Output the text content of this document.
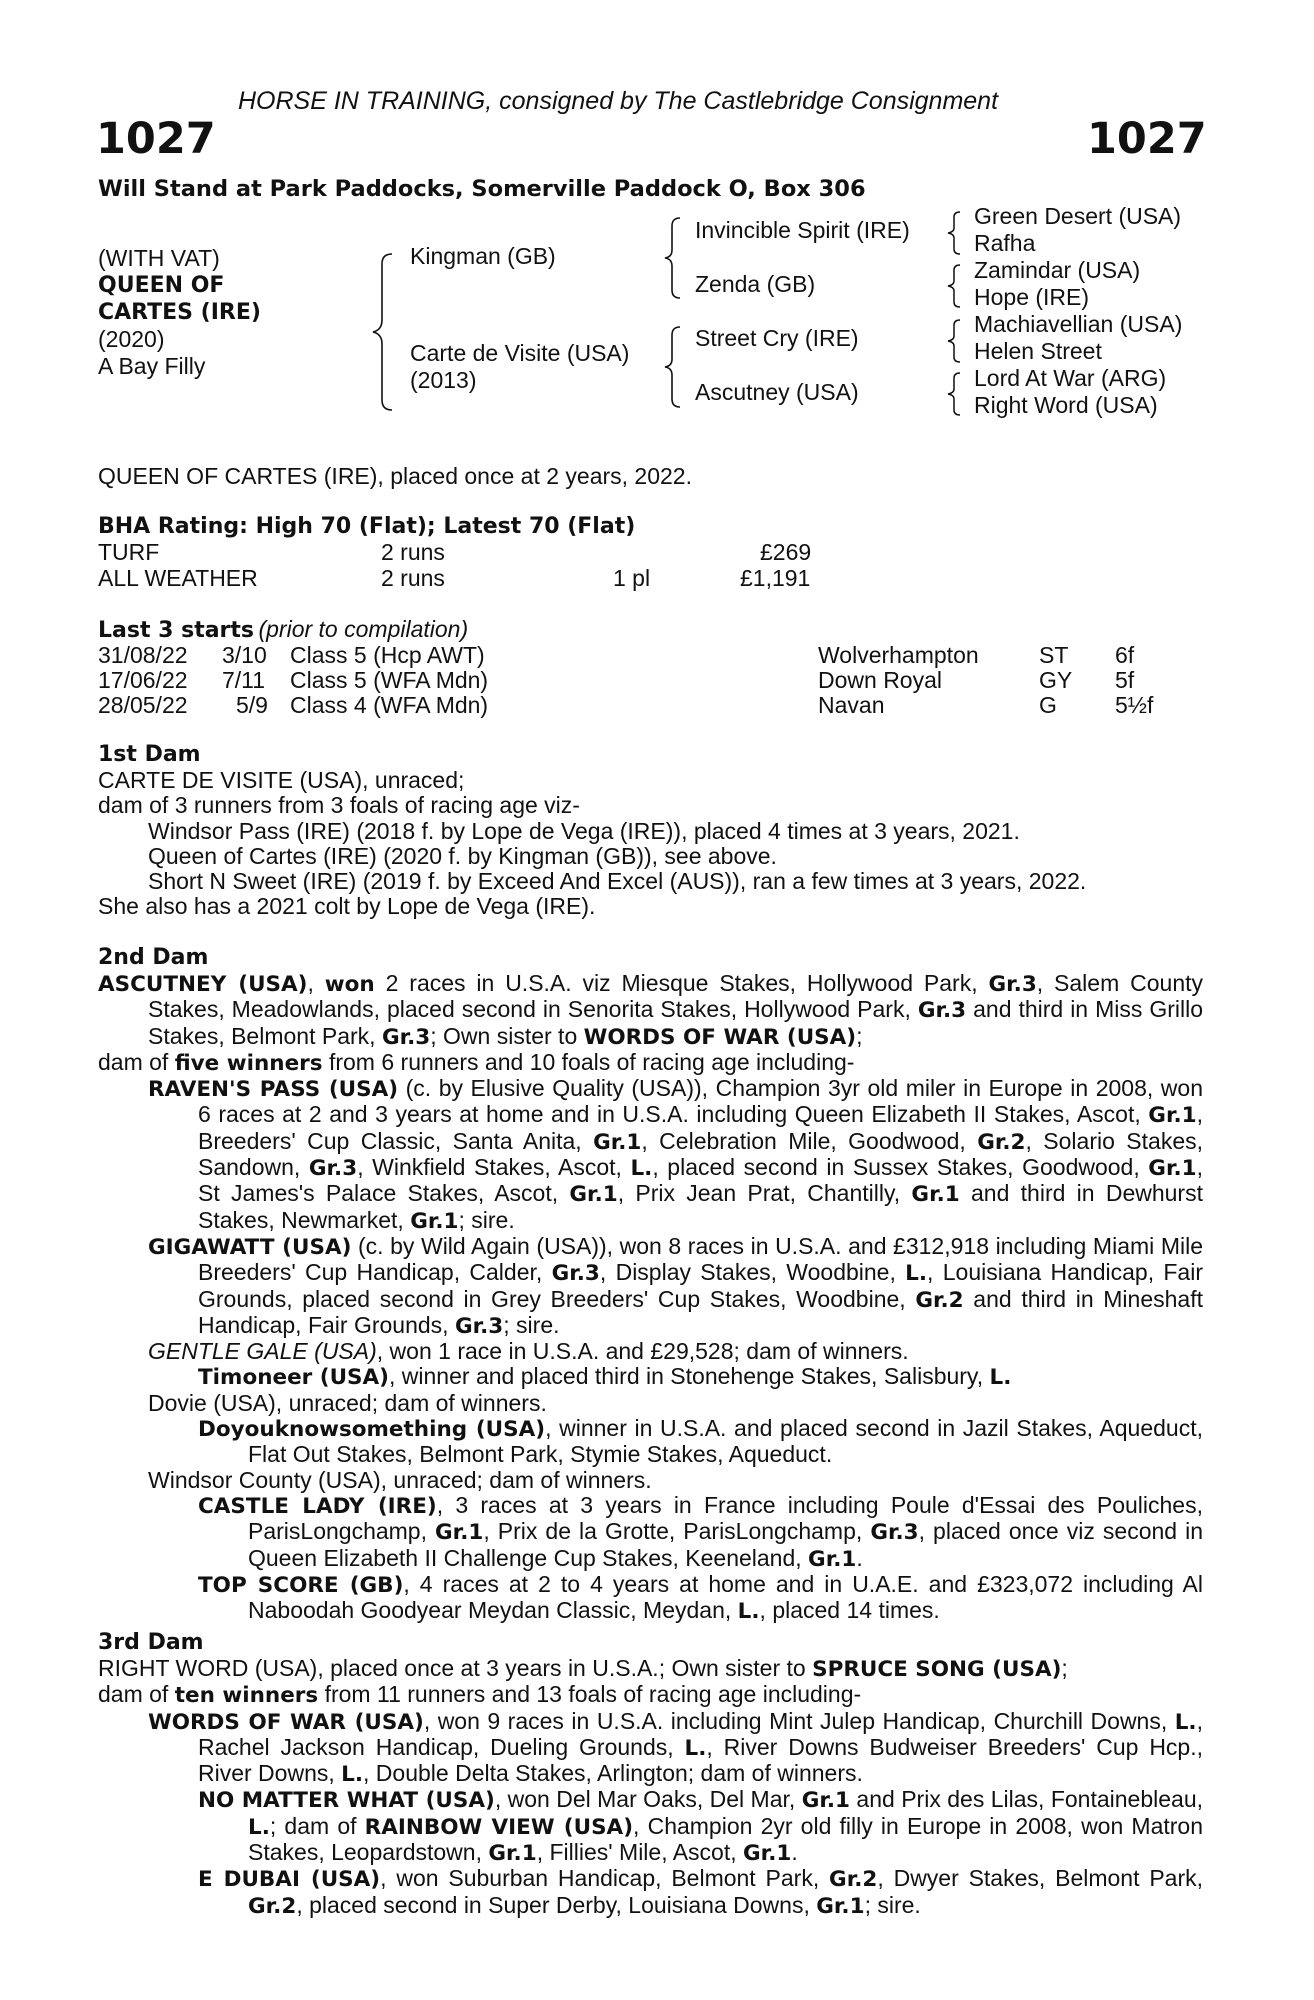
HORSE IN TRAINING, consigned by The Castlebridge Consignment
1027	1027
Will Stand at Park Paddocks, Somerville Paddock O, Box 306
(WITH VAT)
QUEEN OF
CARTES (IRE)
(2020)
A Bay Filly
Kingman (GB)
Carte de Visite (USA)
(2013)
Invincible Spirit (IRE)
Zenda (GB)
Street Cry (IRE)
Ascutney (USA)
Green Desert (USA)
Rafha
Zamindar (USA)
Hope (IRE)
Machiavellian (USA)
Helen Street
Lord At War (ARG)
Right Word (USA)
QUEEN OF CARTES (IRE), placed once at 2 years, 2022.
BHA Rating: High 70 (Flat); Latest 70 (Flat)
TURF	2 runs	£269
ALL WEATHER	2 runs	1 pl	£1,191
Last 3 starts (prior to compilation)
31/08/22 3/10 Class 5 (Hcp AWT)	Wolverhampton	ST 6f
17/06/22 7/11 Class 5 (WFA Mdn)	Down Royal	GY 5f
28/05/22 5/9 Class 4 (WFA Mdn)	Navan	G	5½f

1st Dam

CARTE DE VISITE (USA), unraced;

dam of 3 runners from 3 foals of racing age viz-

Windsor Pass (IRE) (2018 f. by Lope de Vega (IRE)), placed 4 times at 3 years, 2021.

Queen of Cartes (IRE) (2020 f. by Kingman (GB)), see above.

Short N Sweet (IRE) (2019 f. by Exceed And Excel (AUS)), ran a few times at 3 years, 2022.

She also has a 2021 colt by Lope de Vega (IRE).

2nd Dam

ASCUTNEY (USA), won 2 races in U.S.A. viz Miesque Stakes, Hollywood Park, Gr.3, Salem County Stakes, Meadowlands, placed second in Senorita Stakes, Hollywood Park, Gr.3 and third in Miss Grillo Stakes, Belmont Park, Gr.3; Own sister to WORDS OF WAR (USA);

dam of five winners from 6 runners and 10 foals of racing age including-

RAVEN'S PASS (USA) (c. by Elusive Quality (USA)), Champion 3yr old miler in Europe in 2008, won 6 races at 2 and 3 years at home and in U.S.A. including Queen Elizabeth II Stakes, Ascot, Gr.1, Breeders' Cup Classic, Santa Anita, Gr.1, Celebration Mile, Goodwood, Gr.2, Solario Stakes, Sandown, Gr.3, Winkfield Stakes, Ascot, L., placed second in Sussex Stakes, Goodwood, Gr.1, St James's Palace Stakes, Ascot, Gr.1, Prix Jean Prat, Chantilly, Gr.1 and third in Dewhurst Stakes, Newmarket, Gr.1; sire.

GIGAWATT (USA) (c. by Wild Again (USA)), won 8 races in U.S.A. and £312,918 including Miami Mile Breeders' Cup Handicap, Calder, Gr.3, Display Stakes, Woodbine, L., Louisiana Handicap, Fair Grounds, placed second in Grey Breeders' Cup Stakes, Woodbine, Gr.2 and third in Mineshaft Handicap, Fair Grounds, Gr.3; sire.

GENTLE GALE (USA), won 1 race in U.S.A. and £29,528; dam of winners.

Timoneer (USA), winner and placed third in Stonehenge Stakes, Salisbury, L.

Dovie (USA), unraced; dam of winners.

Doyouknowsomething (USA), winner in U.S.A. and placed second in Jazil Stakes, Aqueduct, Flat Out Stakes, Belmont Park, Stymie Stakes, Aqueduct.

Windsor County (USA), unraced; dam of winners.

CASTLE LADY (IRE), 3 races at 3 years in France including Poule d'Essai des Pouliches, ParisLongchamp, Gr.1, Prix de la Grotte, ParisLongchamp, Gr.3, placed once viz second in Queen Elizabeth II Challenge Cup Stakes, Keeneland, Gr.1.

TOP SCORE (GB), 4 races at 2 to 4 years at home and in U.A.E. and £323,072 including Al Naboodah Goodyear Meydan Classic, Meydan, L., placed 14 times.

3rd Dam

RIGHT WORD (USA), placed once at 3 years in U.S.A.; Own sister to SPRUCE SONG (USA);

dam of ten winners from 11 runners and 13 foals of racing age including-

WORDS OF WAR (USA), won 9 races in U.S.A. including Mint Julep Handicap, Churchill Downs, L., Rachel Jackson Handicap, Dueling Grounds, L., River Downs Budweiser Breeders' Cup Hcp., River Downs, L., Double Delta Stakes, Arlington; dam of winners.

NO MATTER WHAT (USA), won Del Mar Oaks, Del Mar, Gr.1 and Prix des Lilas, Fontainebleau, L.; dam of RAINBOW VIEW (USA), Champion 2yr old filly in Europe in 2008, won Matron Stakes, Leopardstown, Gr.1, Fillies' Mile, Ascot, Gr.1.

E DUBAI (USA), won Suburban Handicap, Belmont Park, Gr.2, Dwyer Stakes, Belmont Park, Gr.2, placed second in Super Derby, Louisiana Downs, Gr.1; sire.
